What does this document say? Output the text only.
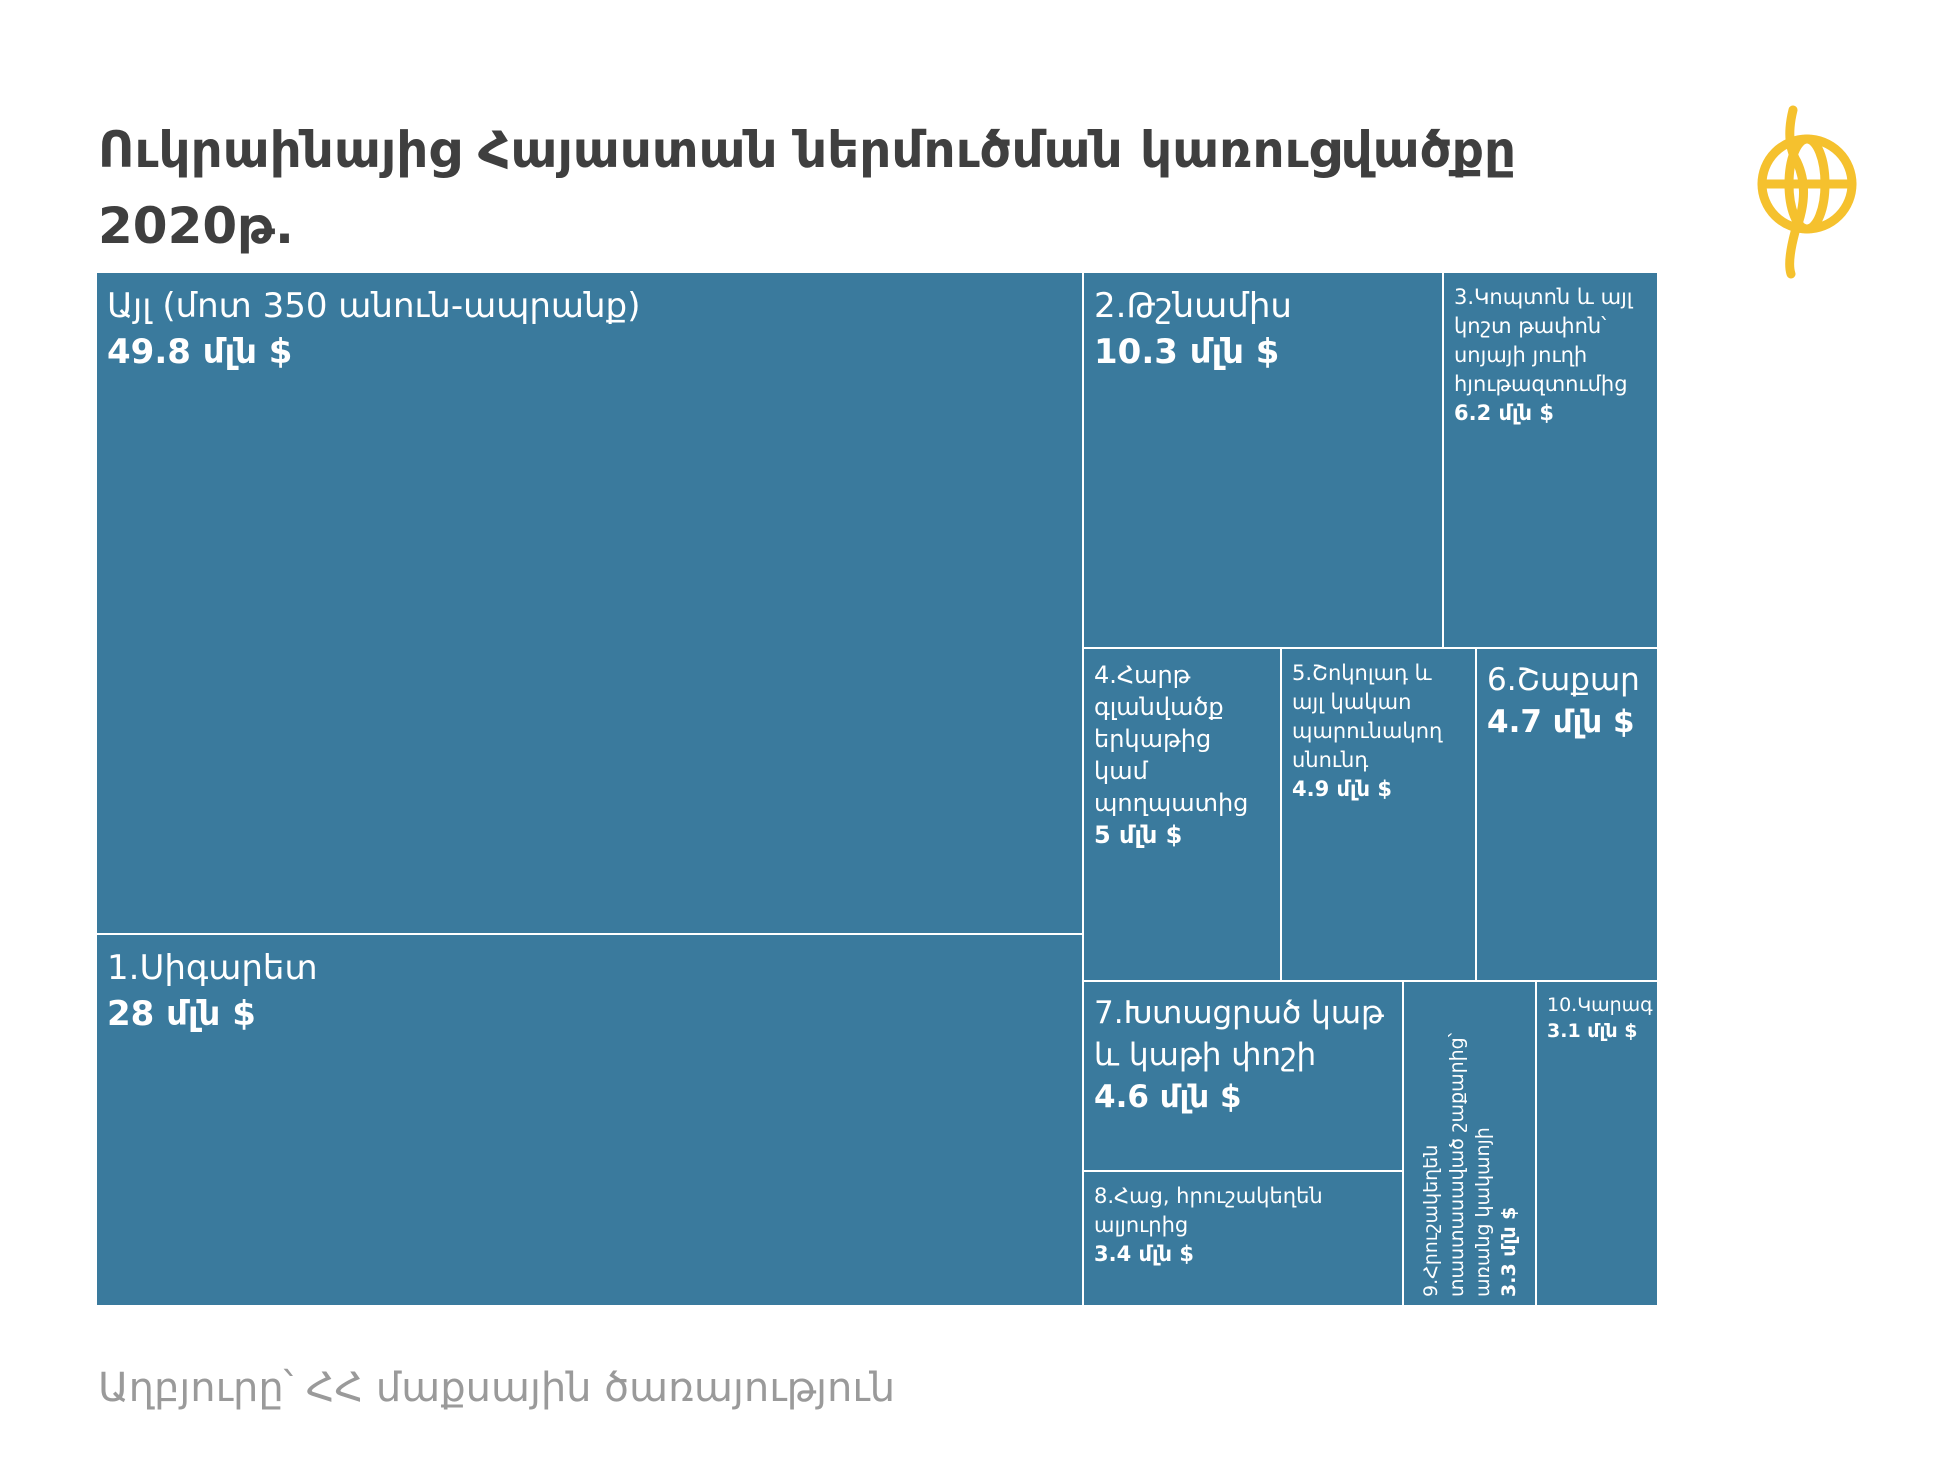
Ուկրաինայից Հայաստան ներմուծման կառուցվածքը 2020թ.
Այլ (մոտ 350 անուն-ապրանք)
49.8 մլն $
1.Սիգարետ
28 մլն $
2.Թշնամիս
10.3 մլն $
3.Կոպտոն և այլ կոշտ թափոն՝ սոյայի յուղի հյութազտումից
6.2 մլն $
4.Հարթ գլանվածք երկաթից կամ պողպատից
5 մլն $
5.Շոկոլադ և այլ կակաո պարունակող սնունդ
4.9 մլն $
6.Շաքար
4.7 մլն $
7.Խտացրած կաթ և կաթի փոշի
4.6 մլն $
8.Հաց, հրուշակեղեն ալյուրից
3.4 մլն $	9.Հրուշակեղեն տաստասաված շաքարից՝ առանց կակաոյի 3.3 մլն $
10.Կարագ
3.1 մլն $
Աղբյուրը՝ ՀՀ մաքսային ծառայություն
